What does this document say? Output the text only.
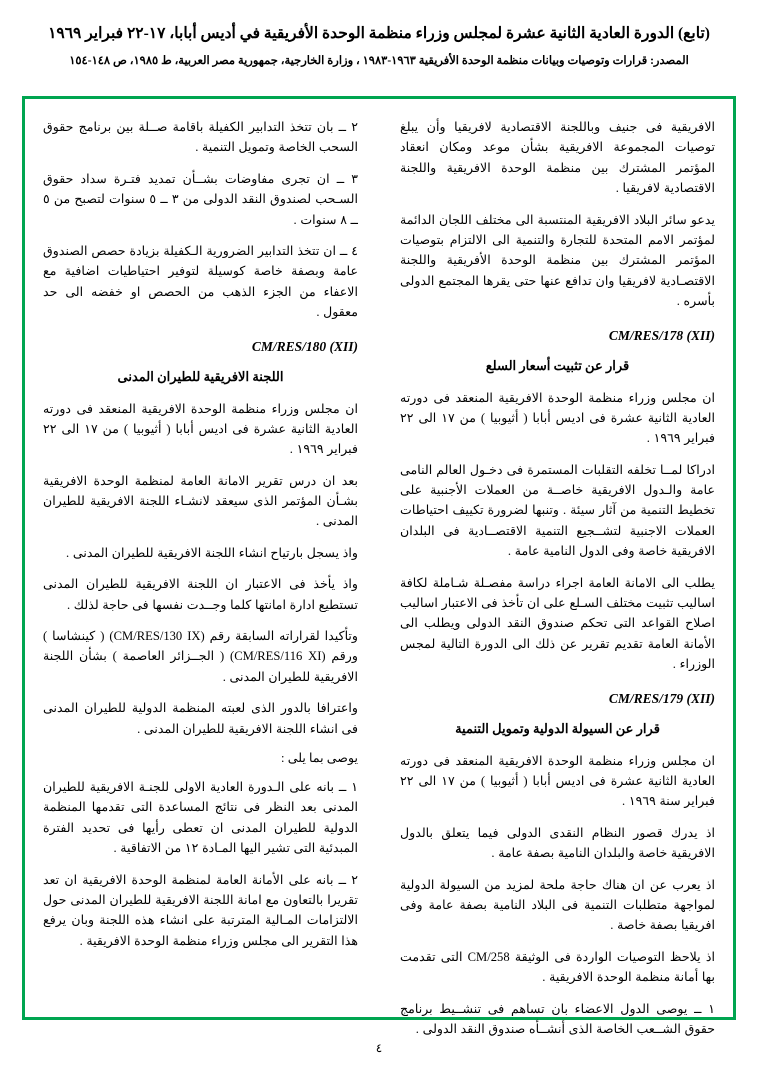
(تابع) الدورة العادية الثانية عشرة لمجلس وزراء منظمة الوحدة الأفريقية في أديس أبابا، ١٧-٢٢ فبراير ١٩٦٩
المصدر: ‏قرارات وتوصيات وبيانات منظمة الوحدة الأفريقية ١٩٦٣-١٩٨٣ ، وزارة الخارجية، جمهورية مصر العربية، ط ١٩٨٥، ص ١٤٨-١٥٤

الافريقية فى جنيف وباللجنة الاقتصادية لافريقيا وأن يبلغ توصيات المجموعة الافريقية بشأن موعد ومكان انعقاد المؤتمر المشترك بين منظمة الوحدة الافريقية واللجنة الاقتصادية لافريقيا .

يدعو سائر البلاد الافريقية المنتسبة الى مختلف اللجان الدائمة لمؤتمر الامم المتحدة للتجارة والتنمية الى الالتزام بتوصيات المؤتمر المشترك بين منظمة الوحدة الأفريقية واللجنة الاقتصـادية لافريقيا وان تدافع عنها حتى يقرها المجتمع الدولى بأسره .

CM/RES/178 (XII)
قرار عن تثبيت أسعار السلع

ان مجلس وزراء منظمة الوحدة الافريقية المنعقد فى دورته العادية الثانية عشرة فى اديس أبابا ( أثيوبيا ) من ١٧ الى ٢٢ فبراير ١٩٦٩ .

ادراكا لمــا تخلفه التقلبات المستمرة فى دخـول العالم النامى عامة والـدول الافريقية خاصــة من العملات الأجنبية على تخطيط التنمية من آثار سيئة . وتنبها لضرورة تكييف احتياطات العملات الاجنبية لتشــجيع التنمية الاقتصــادية فى البلدان الافريقية خاصة وفى الدول النامية عامة .

يطلب الى الامانة العامة اجراء دراسة مفصـلة شـاملة لكافة اساليب تثبيت مختلف السـلع على ان تأخذ فى الاعتبار اساليب اصلاح القواعد التى تحكم صندوق النقد الدولى ويطلب الى الأمانة العامة تقديم تقرير عن ذلك الى الدورة التالية لمجس الوزراء .

CM/RES/179 (XII)
قرار عن السيولة الدولية وتمويل التنمية

ان مجلس وزراء منظمة الوحدة الافريقية المنعقد فى دورته العادية الثانية عشرة فى اديس أبابا ( أثيوبيا ) من ١٧ الى ٢٢ فبراير سنة ١٩٦٩ .

اذ يدرك قصور النظام النقدى الدولى فيما يتعلق بالدول الافريقية خاصة والبلدان النامية بصفة عامة .

اذ يعرب عن ان هناك حاجة ملحة لمزيد من السيولة الدولية لمواجهة متطلبات التنمية فى البلاد النامية بصفة عامة وفى افريقيا بصفة خاصة .

اذ يلاحظ التوصيات الواردة فى الوثيقة CM/258 التى تقدمت بها أمانة منظمة الوحدة الافريقية .

١ ــ يوصى الدول الاعضاء بان تساهم فى تنشــيط برنامج حقوق الشــعب الخاصة الذى أنشــأه صندوق النقد الدولى .

٢ ــ بان تتخذ التدابير الكفيلة باقامة صــلة بين برنامج حقوق السحب الخاصة وتمويل التنمية .

٣ ــ ان تجرى مفاوضات بشــأن تمديد فتـرة سداد حقوق السـحب لصندوق النقد الدولى من ٣ ــ ٥ سنوات لتصبح من ٥ ــ ٨ سنوات .

٤ ــ ان تتخذ التدابير الضرورية الـكفيلة بزيادة حصص الصندوق عامة وبصفة خاصة كوسيلة لتوفير احتياطيات اضافية مع الاعفاء من الجزء الذهب من الحصص او خفضه الى حد معقول .

CM/RES/180 (XII)
اللجنة الافريقية للطيران المدنى

ان مجلس وزراء منظمة الوحدة الافريقية المنعقد فى دورته العادية الثانية عشرة فى اديس أبابا ( أثيوبيا ) من ١٧ الى ٢٢ فبراير ١٩٦٩ .

بعد ان درس تقرير الامانة العامة لمنظمة الوحدة الافريقية بشـأن المؤتمر الذى سيعقد لانشـاء اللجنة الافريقية للطيران المدنى .

واذ يسجل بارتياح انشاء اللجنة الافريقية للطيران المدنى .

واذ يأخذ فى الاعتبار ان اللجنة الافريقية للطيران المدنى تستطيع ادارة امانتها كلما وجــدت نفسها فى حاجة لذلك .

وتأكيدا لقراراته السابقة رقم (CM/RES/130 IX) ( كينشاسا ) ورقم (CM/RES/116 XI) ( الجــزائر العاصمة ) بشأن اللجنة الافريقية للطيران المدنى .

واعترافا بالدور الذى لعبته المنظمة الدولية للطيران المدنى فى انشاء اللجنة الافريقية للطيران المدنى .

يوصى بما يلى :

١ ــ بانه على الـدورة العادية الاولى للجنـة الافريقية للطيران المدنى بعد النظر فى نتائج المساعدة التى تقدمها المنظمة الدولية للطيران المدنى ان تعطى رأيها فى تحديد الفترة المبدئية التى تشير اليها المـادة ١٢ من الاتفاقية .

٢ ــ بانه على الأمانة العامة لمنظمة الوحدة الافريقية ان تعد تقريرا بالتعاون مع امانة اللجنة الافريقية للطيران المدنى حول الالتزامات المـالية المترتبة على انشاء هذه اللجنة وبان يرفع هذا التقرير الى مجلس وزراء منظمة الوحدة الافريقية .

٤
